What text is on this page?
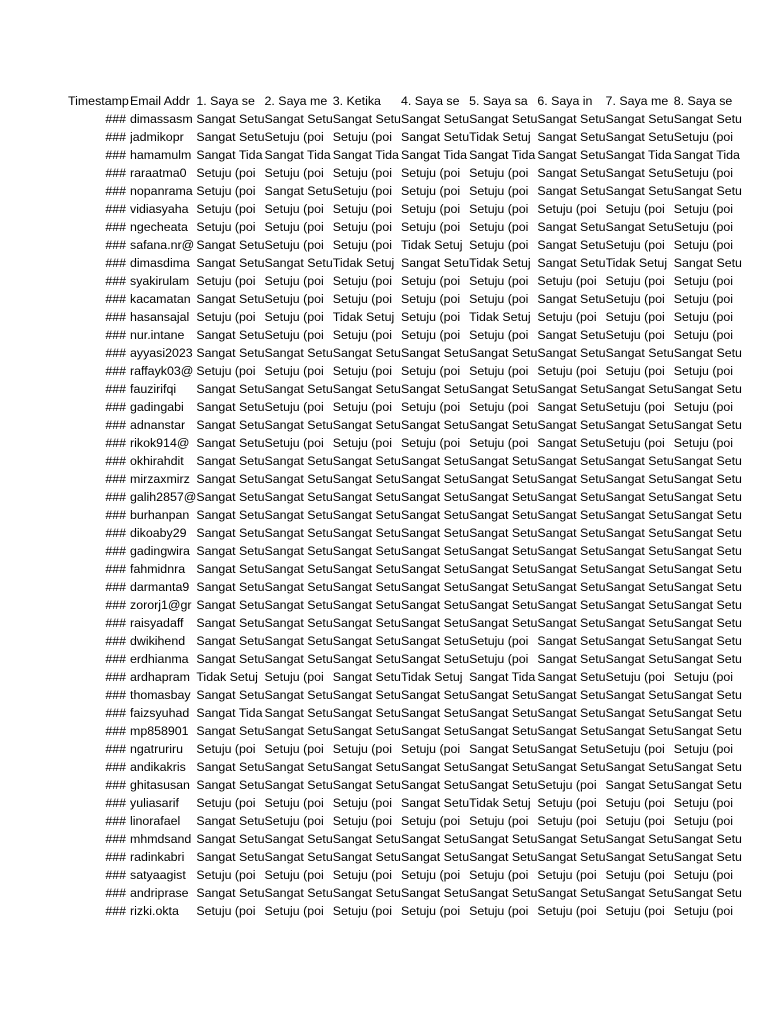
Timestamp	Email Addr	1. Saya se	2. Saya me	3. Ketika	4. Saya se	5. Saya sa	6. Saya in	7. Saya me	8. Saya se
###	dimassasm	Sangat Setu	Sangat Setu	Sangat Setu	Sangat Setu	Sangat Setu	Sangat Setu	Sangat Setu	Sangat Setu
###	jadmikopr	Sangat Setu	Setuju (poi	Setuju (poi	Sangat Setu	Tidak Setuj	Sangat Setu	Sangat Setu	Setuju (poi
###	hamamulm	Sangat Tida	Sangat Tida	Sangat Tida	Sangat Tida	Sangat Tida	Sangat Setu	Sangat Tida	Sangat Tida
###	raraatma0	Setuju (poi	Setuju (poi	Setuju (poi	Setuju (poi	Setuju (poi	Sangat Setu	Sangat Setu	Setuju (poi
###	nopanrama	Setuju (poi	Sangat Setu	Setuju (poi	Setuju (poi	Setuju (poi	Sangat Setu	Sangat Setu	Sangat Setu
###	vidiasyaha	Setuju (poi	Setuju (poi	Setuju (poi	Setuju (poi	Setuju (poi	Setuju (poi	Setuju (poi	Setuju (poi
###	ngecheata	Setuju (poi	Setuju (poi	Setuju (poi	Setuju (poi	Setuju (poi	Sangat Setu	Sangat Setu	Setuju (poi
###	safana.nr@	Sangat Setu	Setuju (poi	Setuju (poi	Tidak Setuj	Setuju (poi	Sangat Setu	Setuju (poi	Setuju (poi
###	dimasdima	Sangat Setu	Sangat Setu	Tidak Setuj	Sangat Setu	Tidak Setuj	Sangat Setu	Tidak Setuj	Sangat Setu
###	syakirulam	Setuju (poi	Setuju (poi	Setuju (poi	Setuju (poi	Setuju (poi	Setuju (poi	Setuju (poi	Setuju (poi
###	kacamatan	Sangat Setu	Setuju (poi	Setuju (poi	Setuju (poi	Setuju (poi	Sangat Setu	Setuju (poi	Setuju (poi
###	hasansajal	Setuju (poi	Setuju (poi	Tidak Setuj	Setuju (poi	Tidak Setuj	Setuju (poi	Setuju (poi	Setuju (poi
###	nur.intane	Sangat Setu	Setuju (poi	Setuju (poi	Setuju (poi	Setuju (poi	Sangat Setu	Setuju (poi	Setuju (poi
###	ayyasi2023	Sangat Setu	Sangat Setu	Sangat Setu	Sangat Setu	Sangat Setu	Sangat Setu	Sangat Setu	Sangat Setu
###	raffayk03@	Setuju (poi	Setuju (poi	Setuju (poi	Setuju (poi	Setuju (poi	Setuju (poi	Setuju (poi	Setuju (poi
###	fauzirifqi	Sangat Setu	Sangat Setu	Sangat Setu	Sangat Setu	Sangat Setu	Sangat Setu	Sangat Setu	Sangat Setu
###	gadingabi	Sangat Setu	Setuju (poi	Setuju (poi	Setuju (poi	Setuju (poi	Sangat Setu	Setuju (poi	Setuju (poi
###	adnanstar	Sangat Setu	Sangat Setu	Sangat Setu	Sangat Setu	Sangat Setu	Sangat Setu	Sangat Setu	Sangat Setu
###	rikok914@	Sangat Setu	Setuju (poi	Setuju (poi	Setuju (poi	Setuju (poi	Sangat Setu	Setuju (poi	Setuju (poi
###	okhirahdit	Sangat Setu	Sangat Setu	Sangat Setu	Sangat Setu	Sangat Setu	Sangat Setu	Sangat Setu	Sangat Setu
###	mirzaxmirz	Sangat Setu	Sangat Setu	Sangat Setu	Sangat Setu	Sangat Setu	Sangat Setu	Sangat Setu	Sangat Setu
###	galih2857@	Sangat Setu	Sangat Setu	Sangat Setu	Sangat Setu	Sangat Setu	Sangat Setu	Sangat Setu	Sangat Setu
###	burhanpan	Sangat Setu	Sangat Setu	Sangat Setu	Sangat Setu	Sangat Setu	Sangat Setu	Sangat Setu	Sangat Setu
###	dikoaby29	Sangat Setu	Sangat Setu	Sangat Setu	Sangat Setu	Sangat Setu	Sangat Setu	Sangat Setu	Sangat Setu
###	gadingwira	Sangat Setu	Sangat Setu	Sangat Setu	Sangat Setu	Sangat Setu	Sangat Setu	Sangat Setu	Sangat Setu
###	fahmidnra	Sangat Setu	Sangat Setu	Sangat Setu	Sangat Setu	Sangat Setu	Sangat Setu	Sangat Setu	Sangat Setu
###	darmanta9	Sangat Setu	Sangat Setu	Sangat Setu	Sangat Setu	Sangat Setu	Sangat Setu	Sangat Setu	Sangat Setu
###	zororj1@gr	Sangat Setu	Sangat Setu	Sangat Setu	Sangat Setu	Sangat Setu	Sangat Setu	Sangat Setu	Sangat Setu
###	raisyadaff	Sangat Setu	Sangat Setu	Sangat Setu	Sangat Setu	Sangat Setu	Sangat Setu	Sangat Setu	Sangat Setu
###	dwikihend	Sangat Setu	Sangat Setu	Sangat Setu	Sangat Setu	Setuju (poi	Sangat Setu	Sangat Setu	Sangat Setu
###	erdhianma	Sangat Setu	Sangat Setu	Sangat Setu	Sangat Setu	Setuju (poi	Sangat Setu	Sangat Setu	Sangat Setu
###	ardhapram	Tidak Setuj	Setuju (poi	Sangat Setu	Tidak Setuj	Sangat Tida	Sangat Setu	Setuju (poi	Setuju (poi
###	thomasbay	Sangat Setu	Sangat Setu	Sangat Setu	Sangat Setu	Sangat Setu	Sangat Setu	Sangat Setu	Sangat Setu
###	faizsyuhad	Sangat Tida	Sangat Setu	Sangat Setu	Sangat Setu	Sangat Setu	Sangat Setu	Sangat Setu	Sangat Setu
###	mp858901	Sangat Setu	Sangat Setu	Sangat Setu	Sangat Setu	Sangat Setu	Sangat Setu	Sangat Setu	Sangat Setu
###	ngatruriru	Setuju (poi	Setuju (poi	Setuju (poi	Setuju (poi	Sangat Setu	Sangat Setu	Setuju (poi	Setuju (poi
###	andikakris	Sangat Setu	Sangat Setu	Sangat Setu	Sangat Setu	Sangat Setu	Sangat Setu	Sangat Setu	Sangat Setu
###	ghitasusan	Sangat Setu	Sangat Setu	Sangat Setu	Sangat Setu	Sangat Setu	Setuju (poi	Sangat Setu	Sangat Setu
###	yuliasarif	Setuju (poi	Setuju (poi	Setuju (poi	Sangat Setu	Tidak Setuj	Setuju (poi	Setuju (poi	Setuju (poi
###	linorafael	Sangat Setu	Setuju (poi	Setuju (poi	Setuju (poi	Setuju (poi	Setuju (poi	Setuju (poi	Setuju (poi
###	mhmdsand	Sangat Setu	Sangat Setu	Sangat Setu	Sangat Setu	Sangat Setu	Sangat Setu	Sangat Setu	Sangat Setu
###	radinkabri	Sangat Setu	Sangat Setu	Sangat Setu	Sangat Setu	Sangat Setu	Sangat Setu	Sangat Setu	Sangat Setu
###	satyaagist	Setuju (poi	Setuju (poi	Setuju (poi	Setuju (poi	Setuju (poi	Setuju (poi	Setuju (poi	Setuju (poi
###	andriprase	Sangat Setu	Sangat Setu	Sangat Setu	Sangat Setu	Sangat Setu	Sangat Setu	Sangat Setu	Sangat Setu
###	rizki.okta	Setuju (poi	Setuju (poi	Setuju (poi	Setuju (poi	Setuju (poi	Setuju (poi	Setuju (poi	Setuju (poi
